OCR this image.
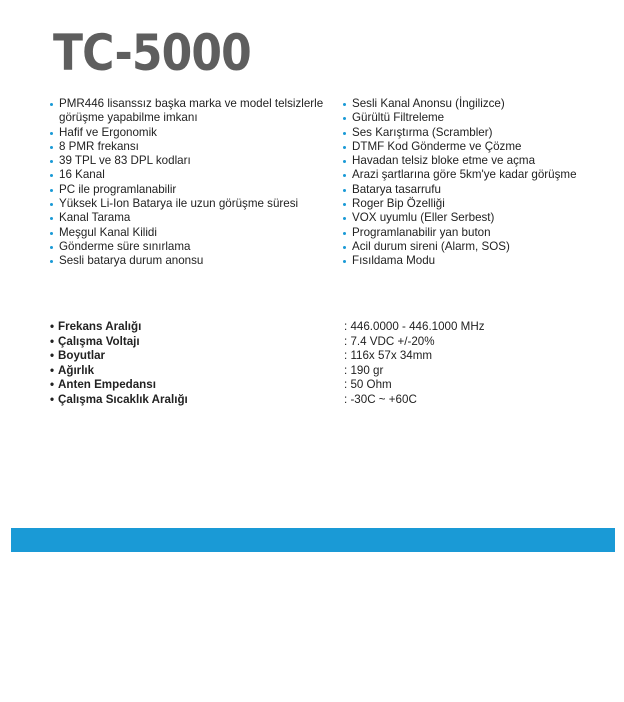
TC-5000
PMR446 lisanssız başka marka ve model telsizlerle görüşme yapabilme imkanı
Hafif ve Ergonomik
8 PMR frekansı
39 TPL ve 83 DPL kodları
16 Kanal
PC ile programlanabilir
Yüksek Li-Ion Batarya ile uzun görüşme süresi
Kanal Tarama
Meşgul Kanal Kilidi
Gönderme süre sınırlama
Sesli batarya durum anonsu
Sesli Kanal Anonsu (İngilizce)
Gürültü Filtreleme
Ses Karıştırma (Scrambler)
DTMF Kod Gönderme ve Çözme
Havadan telsiz bloke etme ve açma
Arazi şartlarına göre 5km'ye kadar görüşme
Batarya tasarrufu
Roger Bip Özelliği
VOX uyumlu (Eller Serbest)
Programlanabilir yan buton
Acil durum sireni (Alarm, SOS)
Fısıldama Modu
• Frekans Aralığı	: 446.0000 - 446.1000 MHz
• Çalışma Voltajı	: 7.4 VDC +/-20%
• Boyutlar	: 116x 57x 34mm
• Ağırlık	: 190 gr
• Anten Empedansı	: 50 Ohm
• Çalışma Sıcaklık Aralığı	: -30C ~ +60C
